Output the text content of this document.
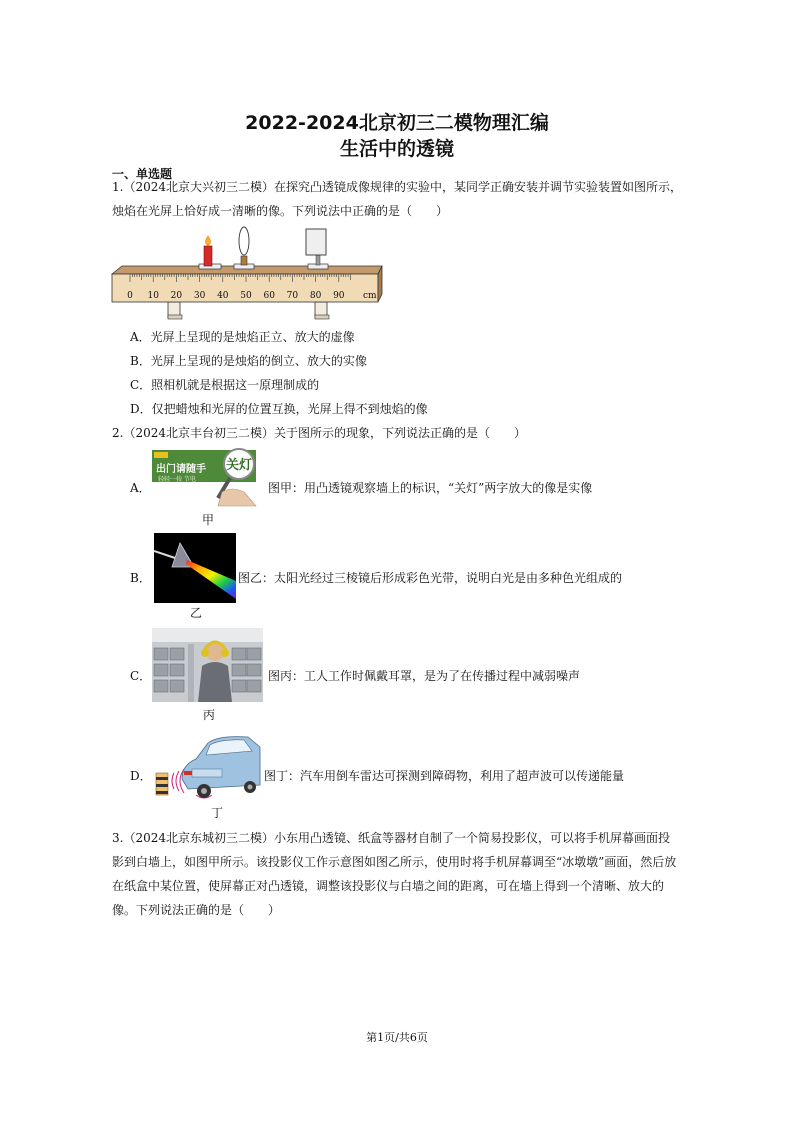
2022-2024北京初三二模物理汇编
生活中的透镜
一、单选题
1.（2024北京大兴初三二模）在探究凸透镜成像规律的实验中，某同学正确安装并调节实验装置如图所示，
烛焰在光屏上恰好成一清晰的像。下列说法中正确的是（　　）
0 10 20 30 40 50 60 70 80 90 cm
A．光屏上呈现的是烛焰正立、放大的虚像
B．光屏上呈现的是烛焰的倒立、放大的实像
C．照相机就是根据这一原理制成的
D．仅把蜡烛和光屏的位置互换，光屏上得不到烛焰的像
2.（2024北京丰台初三二模）关于图所示的现象，下列说法正确的是（　　）
A．
出门请随手
轻轻一按 节电
关灯
图甲：用凸透镜观察墙上的标识，“关灯”两字放大的像是实像
甲
B．	图乙：太阳光经过三棱镜后形成彩色光带，说明白光是由多种色光组成的
乙
C．	图丙：工人工作时佩戴耳罩，是为了在传播过程中减弱噪声
丙
D．	图丁：汽车用倒车雷达可探测到障碍物，利用了超声波可以传递能量
丁
3.（2024北京东城初三二模）小东用凸透镜、纸盒等器材自制了一个简易投影仪，可以将手机屏幕画面投
影到白墙上，如图甲所示。该投影仪工作示意图如图乙所示，使用时将手机屏幕调至“冰墩墩”画面，然后放
在纸盒中某位置，使屏幕正对凸透镜，调整该投影仪与白墙之间的距离，可在墙上得到一个清晰、放大的
像。下列说法正确的是（　　）
第1页/共6页
